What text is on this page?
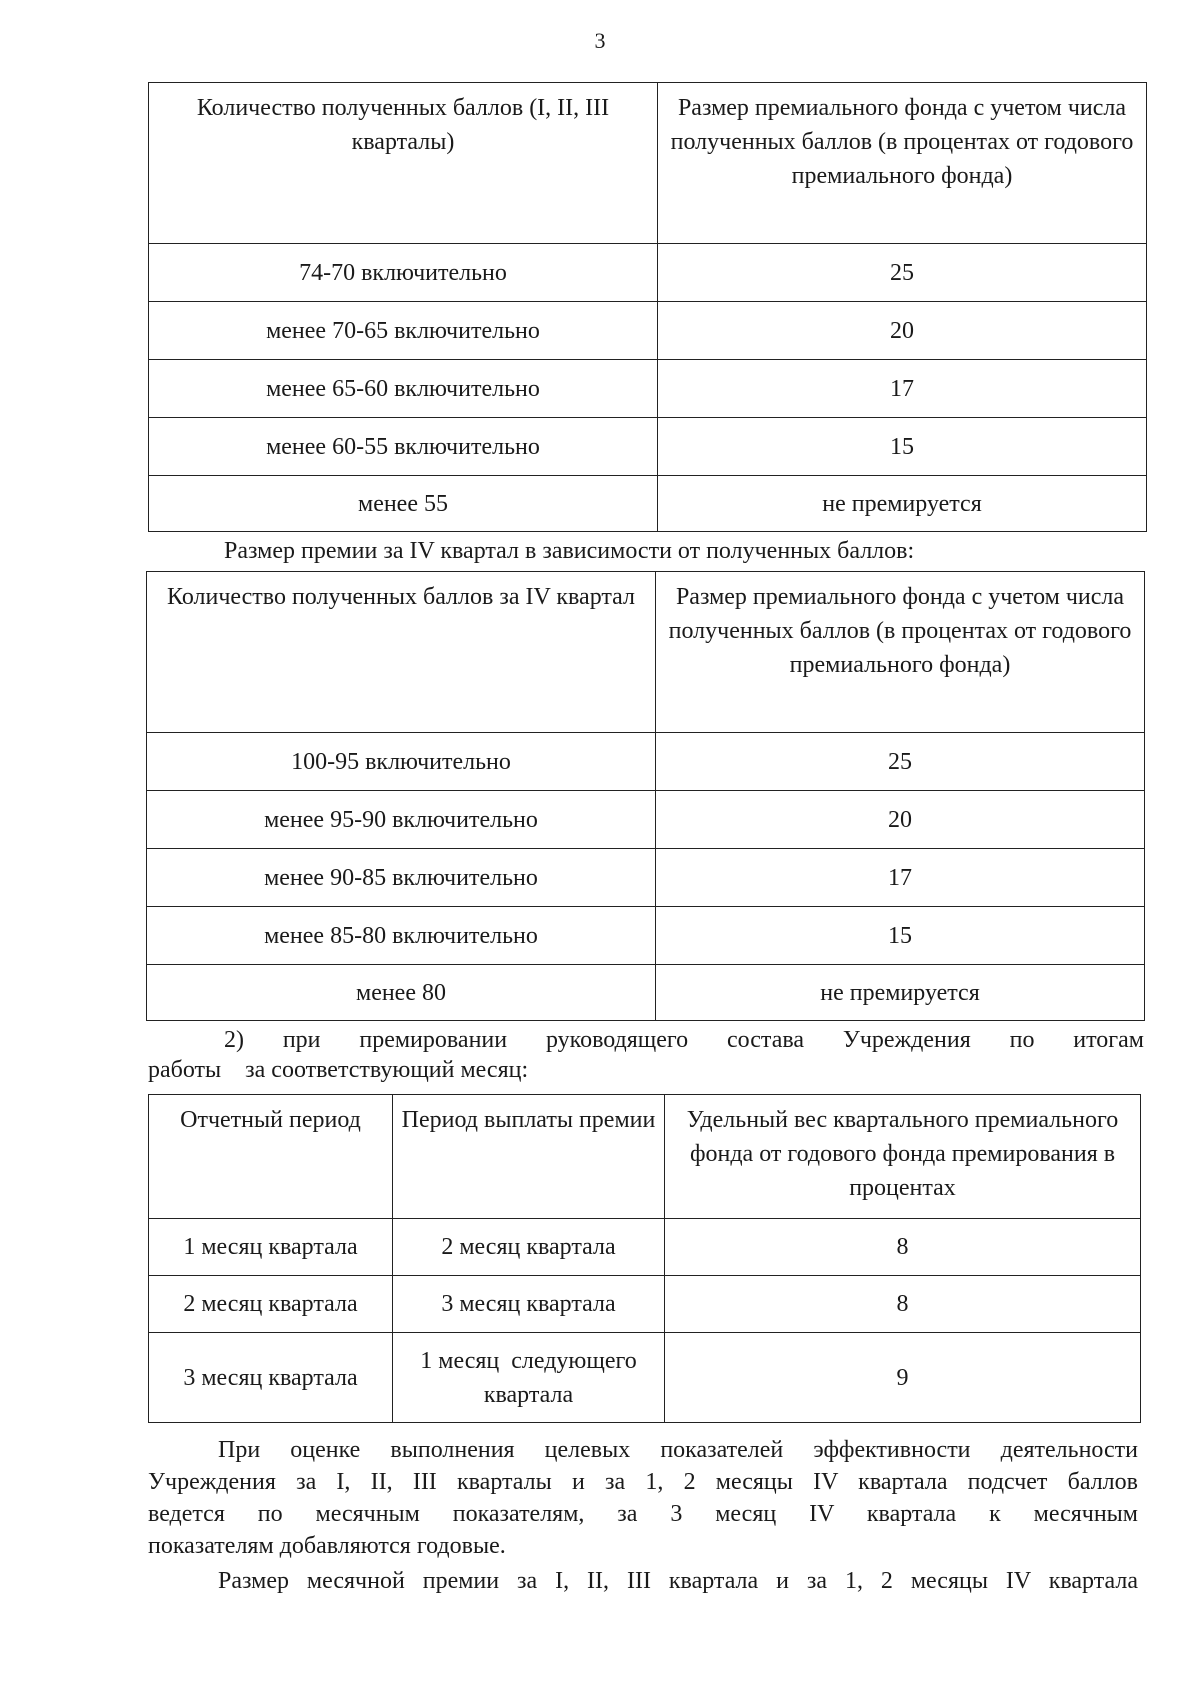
3
Количество полученных баллов (I, II, III кварталы)	Размер премиального фонда с учетом числа полученных баллов (в процентах от годового премиального фонда)
74-70 включительно	25
менее 70-65 включительно	20
менее 65-60 включительно	17
менее 60-55 включительно	15
менее 55	не премируется
Размер премии за IV квартал в зависимости от полученных баллов:
Количество полученных баллов за IV квартал	Размер премиального фонда с учетом числа полученных баллов (в процентах от годового премиального фонда)
100-95 включительно	25
менее 95-90 включительно	20
менее 90-85 включительно	17
менее 85-80 включительно	15
менее 80	не премируется
2) при премировании руководящего состава Учреждения по итогам
работы    за соответствующий месяц:
Отчетный период	Период выплаты премии	Удельный вес квартального премиального фонда от годового фонда премирования в процентах
1 месяц квартала	2 месяц квартала	8
2 месяц квартала	3 месяц квартала	8
3 месяц квартала	1 месяц  следующего квартала	9
При оценке выполнения целевых показателей эффективности деятельности
Учреждения за I, II, III кварталы и за 1, 2 месяцы IV квартала подсчет баллов
ведется по месячным показателям, за 3 месяц IV квартала к месячным
показателям добавляются годовые.
Размер месячной премии за I, II, III квартала и за 1, 2 месяцы IV квартала
